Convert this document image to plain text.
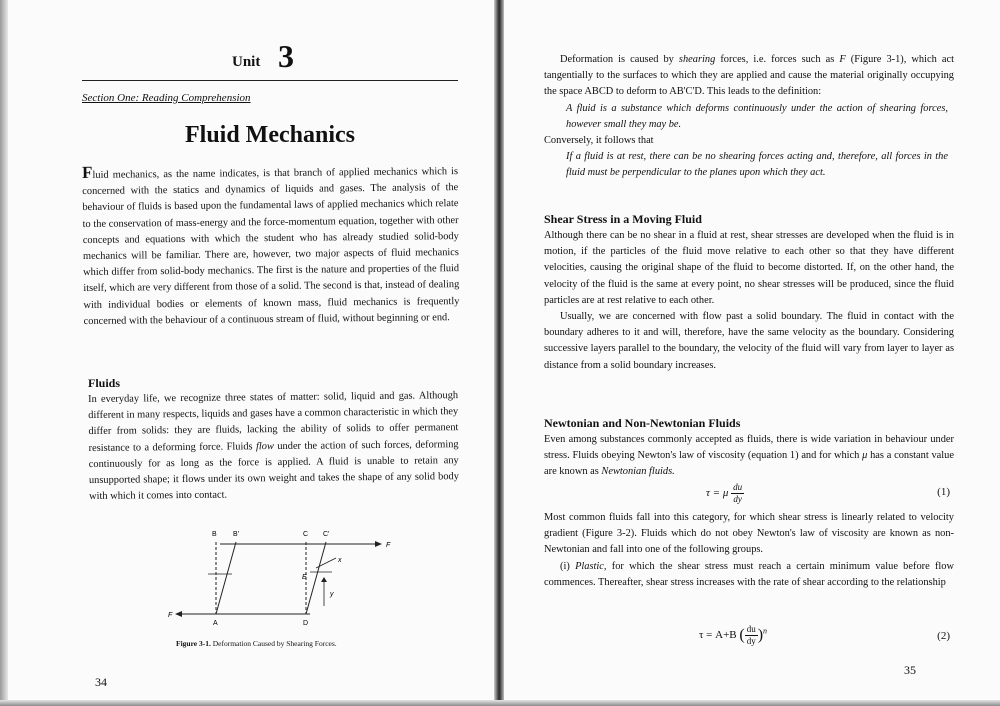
Unit 3
Section One: Reading Comprehension
Fluid Mechanics

Fluid mechanics, as the name indicates, is that branch of applied mechanics which is concerned with the statics and dynamics of liquids and gases. The analysis of the behaviour of fluids is based upon the fundamental laws of applied mechanics which relate to the conservation of mass-energy and the force-momentum equation, together with other concepts and equations with which the student who has already studied solid-body mechanics will be familiar. There are, however, two major aspects of fluid mechanics which differ from solid-body mechanics. The first is the nature and properties of the fluid itself, which are very different from those of a solid. The second is that, instead of dealing with individual bodies or elements of known mass, fluid mechanics is frequently concerned with the behaviour of a continuous stream of fluid, without beginning or end.

Fluids

In everyday life, we recognize three states of matter: solid, liquid and gas. Although different in many respects, liquids and gases have a common characteristic in which they differ from solids: they are fluids, lacking the ability of solids to offer permanent resistance to a deforming force. Fluids flow under the action of such forces, deforming continuously for as long as the force is applied. A fluid is unable to retain any unsupported shape; it flows under its own weight and takes the shape of any solid body with which it comes into contact.

B B'	C C'
F
F
A	D
E
x
y
Figure 3-1. Deformation Caused by Shearing Forces.
34

Deformation is caused by shearing forces, i.e. forces such as F (Figure 3-1), which act tangentially to the surfaces to which they are applied and cause the material originally occupying the space ABCD to deform to AB'C'D. This leads to the definition:

A fluid is a substance which deforms continuously under the action of shearing forces, however small they may be.

Conversely, it follows that

If a fluid is at rest, there can be no shearing forces acting and, therefore, all forces in the fluid must be perpendicular to the planes upon which they act.

Shear Stress in a Moving Fluid

Although there can be no shear in a fluid at rest, shear stresses are developed when the fluid is in motion, if the particles of the fluid move relative to each other so that they have different velocities, causing the original shape of the fluid to become distorted. If, on the other hand, the velocity of the fluid is the same at every point, no shear stresses will be produced, since the fluid particles are at rest relative to each other.

Usually, we are concerned with flow past a solid boundary. The fluid in contact with the boundary adheres to it and will, therefore, have the same velocity as the boundary. Considering successive layers parallel to the boundary, the velocity of the fluid will vary from layer to layer as distance from a solid boundary increases.

Newtonian and Non-Newtonian Fluids

Even among substances commonly accepted as fluids, there is wide variation in behaviour under stress. Fluids obeying Newton's law of viscosity (equation 1) and for which μ has a constant value are known as Newtonian fluids.

τ = μ $\frac{du}{dy}$	(1)

Most common fluids fall into this category, for which shear stress is linearly related to velocity gradient (Figure 3-2). Fluids which do not obey Newton's law of viscosity are known as non-Newtonian and fall into one of the following groups.

(i) Plastic, for which the shear stress must reach a certain minimum value before flow commences. Thereafter, shear stress increases with the rate of shear according to the relationship

τ = A+B ( $\frac{du}{dy} )^n$	(2)
35
